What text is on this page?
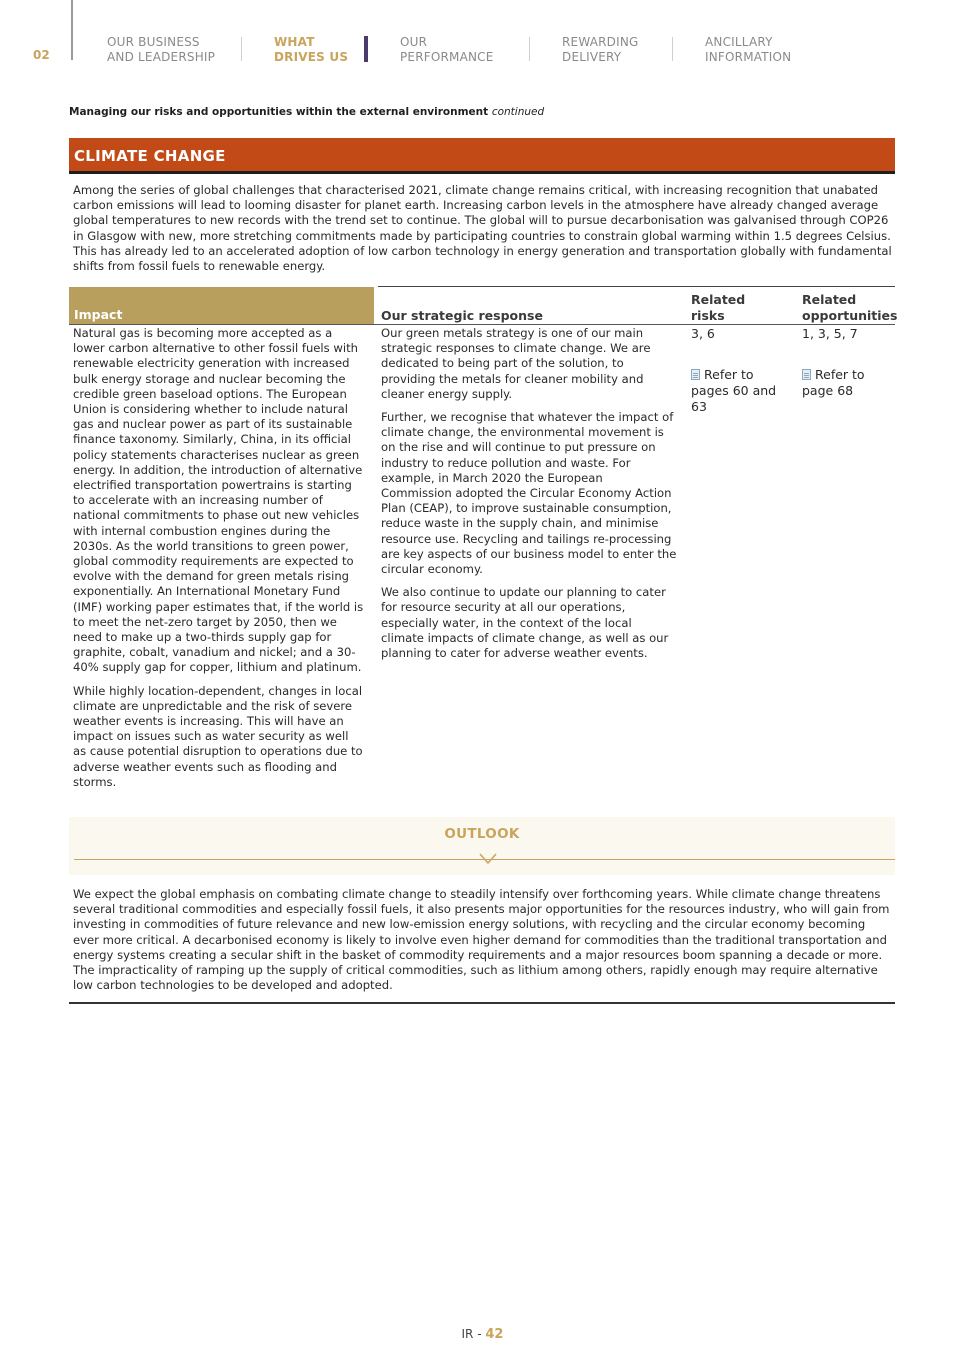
02
OUR BUSINESS
AND LEADERSHIP
WHAT
DRIVES US
OUR
PERFORMANCE
REWARDING
DELIVERY
ANCILLARY
INFORMATION
Managing our risks and opportunities within the external environment continued
CLIMATE CHANGE
Among the series of global challenges that characterised 2021, climate change remains critical, with increasing recognition that unabated carbon emissions will lead to looming disaster for planet earth. Increasing carbon levels in the atmosphere have already changed average global temperatures to new records with the trend set to continue. The global will to pursue decarbonisation was galvanised through COP26 in Glasgow with new, more stretching commitments made by participating countries to constrain global warming within 1.5 degrees Celsius. This has already led to an accelerated adoption of low carbon technology in energy generation and transportation globally with fundamental shifts from fossil fuels to renewable energy.
Impact	Our strategic response
Related
risks
Related
opportunities

Natural gas is becoming more accepted as a lower carbon alternative to other fossil fuels with renewable electricity generation with increased bulk energy storage and nuclear becoming the credible green baseload options. The European Union is considering whether to include natural gas and nuclear power as part of its sustainable finance taxonomy. Similarly, China, in its official policy statements characterises nuclear as green energy. In addition, the introduction of alternative electrified transportation powertrains is starting to accelerate with an increasing number of national commitments to phase out new vehicles with internal combustion engines during the 2030s. As the world transitions to green power, global commodity requirements are expected to evolve with the demand for green metals rising exponentially. An International Monetary Fund (IMF) working paper estimates that, if the world is to meet the net-zero target by 2050, then we need to make up a two-thirds supply gap for graphite, cobalt, vanadium and nickel; and a 30-40% supply gap for copper, lithium and platinum.

While highly location-dependent, changes in local climate are unpredictable and the risk of severe weather events is increasing. This will have an impact on issues such as water security as well as cause potential disruption to operations due to adverse weather events such as flooding and storms.

Our green metals strategy is one of our main strategic responses to climate change. We are dedicated to being part of the solution, to providing the metals for cleaner mobility and cleaner energy supply.

Further, we recognise that whatever the impact of climate change, the environmental movement is on the rise and will continue to put pressure on industry to reduce pollution and waste. For example, in March 2020 the European Commission adopted the Circular Economy Action Plan (CEAP), to improve sustainable consumption, reduce waste in the supply chain, and minimise resource use. Recycling and tailings re-processing are key aspects of our business model to enter the circular economy.

We also continue to update our planning to cater for resource security at all our operations, especially water, in the context of the local climate impacts of climate change, as well as our planning to cater for adverse weather events.

3, 6
Refer to
pages 60 and
63
1, 3, 5, 7
Refer to
page 68
OUTLOOK
We expect the global emphasis on combating climate change to steadily intensify over forthcoming years. While climate change threatens several traditional commodities and especially fossil fuels, it also presents major opportunities for the resources industry, who will gain from investing in commodities of future relevance and new low-emission energy solutions, with recycling and the circular economy becoming ever more critical. A decarbonised economy is likely to involve even higher demand for commodities than the traditional transportation and energy systems creating a secular shift in the basket of commodity requirements and a major resources boom spanning a decade or more. The impracticality of ramping up the supply of critical commodities, such as lithium among others, rapidly enough may require alternative low carbon technologies to be developed and adopted.
IR - 42
